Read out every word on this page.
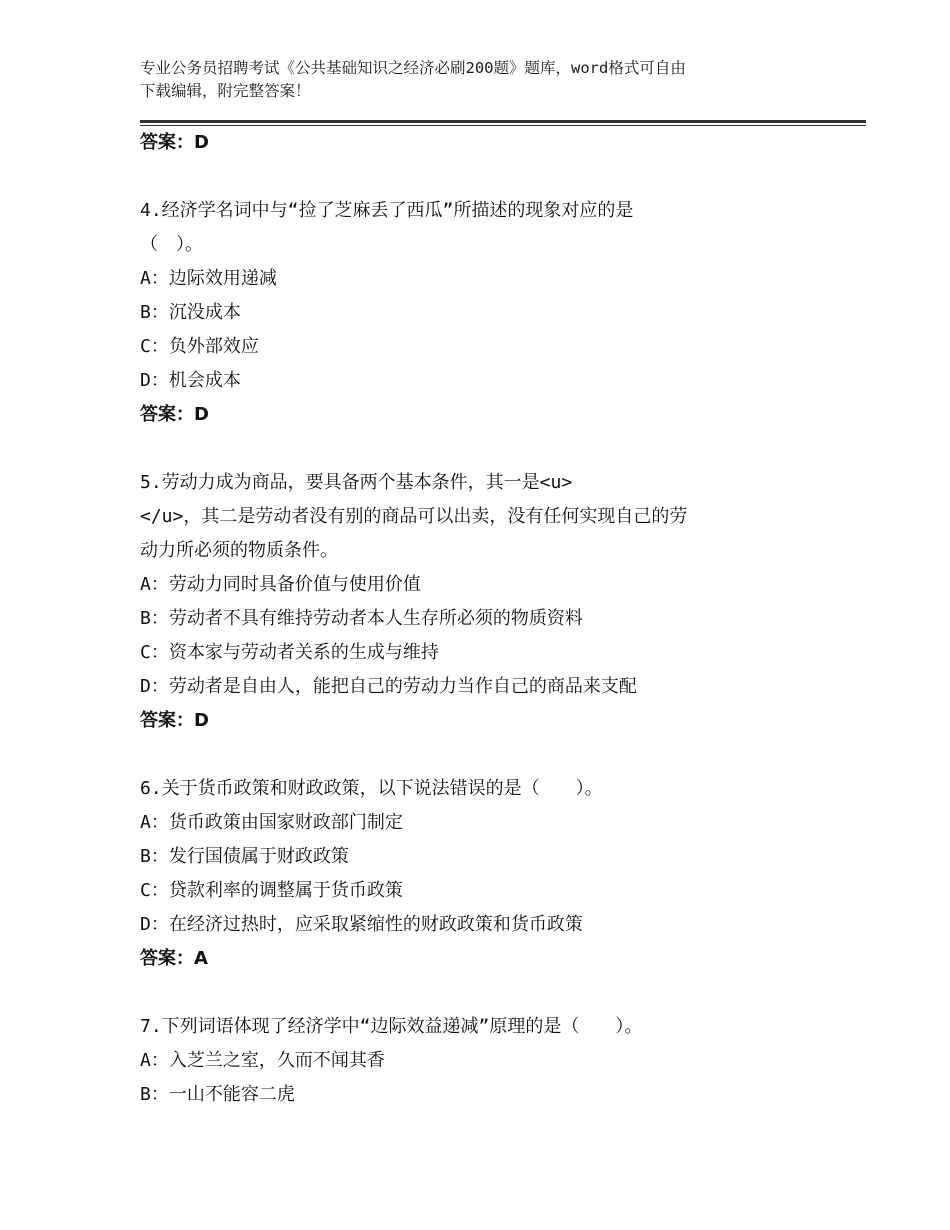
专业公务员招聘考试《公共基础知识之经济必刷200题》题库，word格式可自由
下载编辑，附完整答案！
答案：D
4.经济学名词中与“捡了芝麻丢了西瓜”所描述的现象对应的是
（　）。
A：边际效用递减
B：沉没成本
C：负外部效应
D：机会成本
答案：D
5.劳动力成为商品，要具备两个基本条件，其一是<u>
</u>，其二是劳动者没有别的商品可以出卖，没有任何实现自己的劳
动力所必须的物质条件。
A：劳动力同时具备价值与使用价值
B：劳动者不具有维持劳动者本人生存所必须的物质资料
C：资本家与劳动者关系的生成与维持
D：劳动者是自由人，能把自己的劳动力当作自己的商品来支配
答案：D
6.关于货币政策和财政政策，以下说法错误的是（　　）。
A：货币政策由国家财政部门制定
B：发行国债属于财政政策
C：贷款利率的调整属于货币政策
D：在经济过热时，应采取紧缩性的财政政策和货币政策
答案：A
7.下列词语体现了经济学中“边际效益递减”原理的是（　　）。
A：入芝兰之室，久而不闻其香
B：一山不能容二虎
